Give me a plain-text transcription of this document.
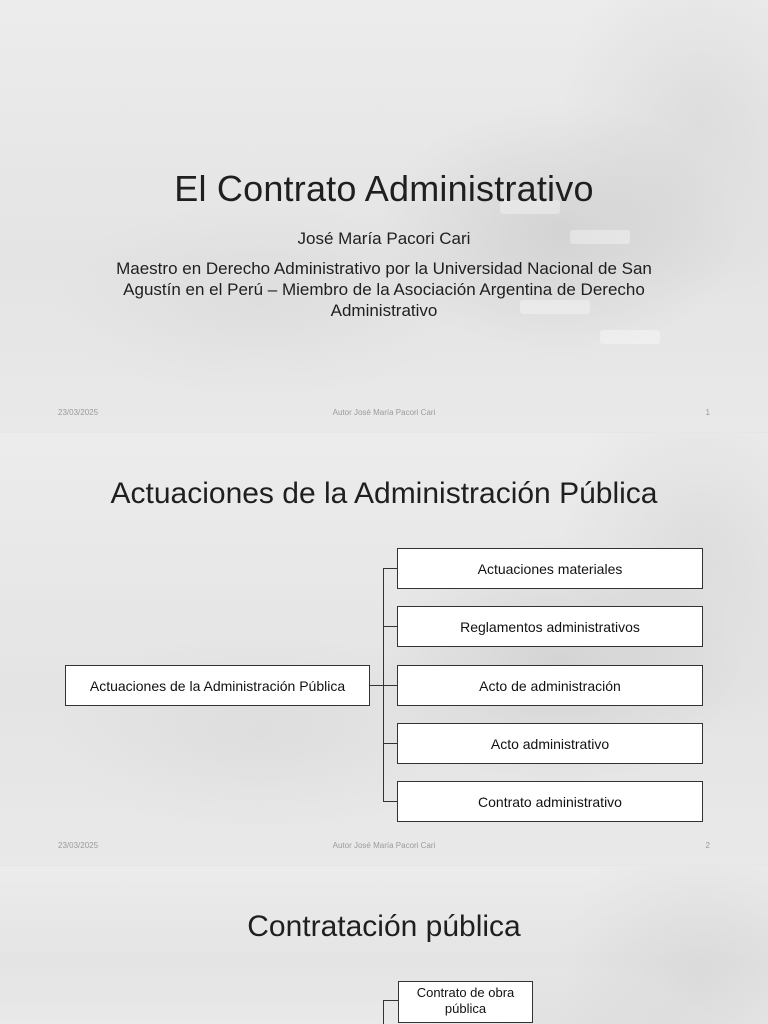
El Contrato Administrativo
José María Pacori Cari
Maestro en Derecho Administrativo por la Universidad Nacional de San Agustín en el Perú – Miembro de la Asociación Argentina de Derecho Administrativo
23/03/2025	Autor José María Pacori Cari	1
Actuaciones de la Administración Pública
Actuaciones de la Administración Pública
Actuaciones materiales
Reglamentos administrativos
Acto de administración
Acto administrativo
Contrato administrativo
23/03/2025	Autor José María Pacori Cari	2
Contratación pública
Contrato de obra pública
